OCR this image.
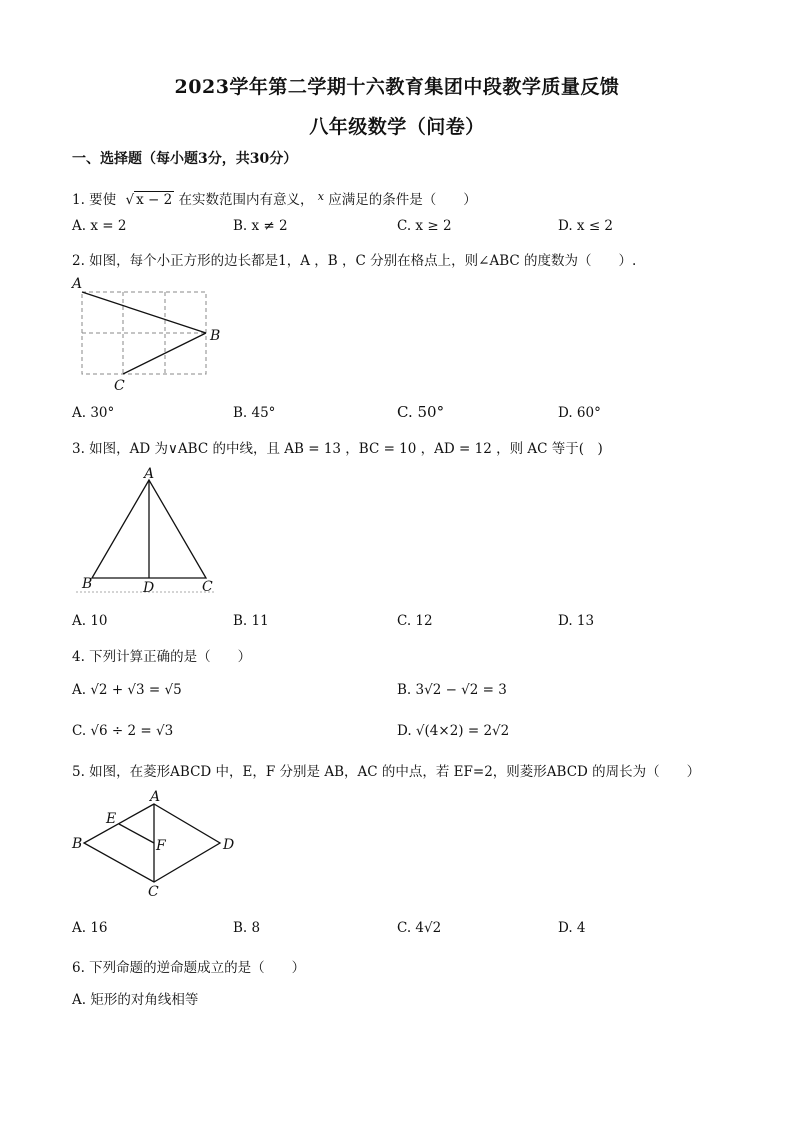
2023学年第二学期十六教育集团中段教学质量反馈
八年级数学（问卷）
一、选择题（每小题3分，共30分）
1. 要使 √ x − 2 在实数范围内有意义， $^x$ 应满足的条件是（　　）
A. x = 2	B. x ≠ 2	C. x ≥ 2	D. x ≤ 2
2. 如图，每个小正方形的边长都是1，A ，B ，C 分别在格点上，则∠ABC 的度数为（　　）.
A
B
C
A. 30°	B. 45°	C. 50°	D. 60°
3. 如图，AD 为∨ABC 的中线，且 AB = 13 ，BC = 10 ，AD = 12 ，则 AC 等于(　)
A
B	D	C
A. 10	B. 11	C. 12	D. 13
4. 下列计算正确的是（　　）
A. √2 + √3 = √5	B. 3√2 − √2 = 3
C. √6 ÷ 2 = √3	D. √(4×2) = 2√2
5. 如图，在菱形ABCD 中，E，F 分别是 AB，AC 的中点，若 EF=2，则菱形ABCD 的周长为（　　）
A
E
B	F	D
C
A. 16	B. 8	C. 4√2	D. 4
6. 下列命题的逆命题成立的是（　　）
A. 矩形的对角线相等
